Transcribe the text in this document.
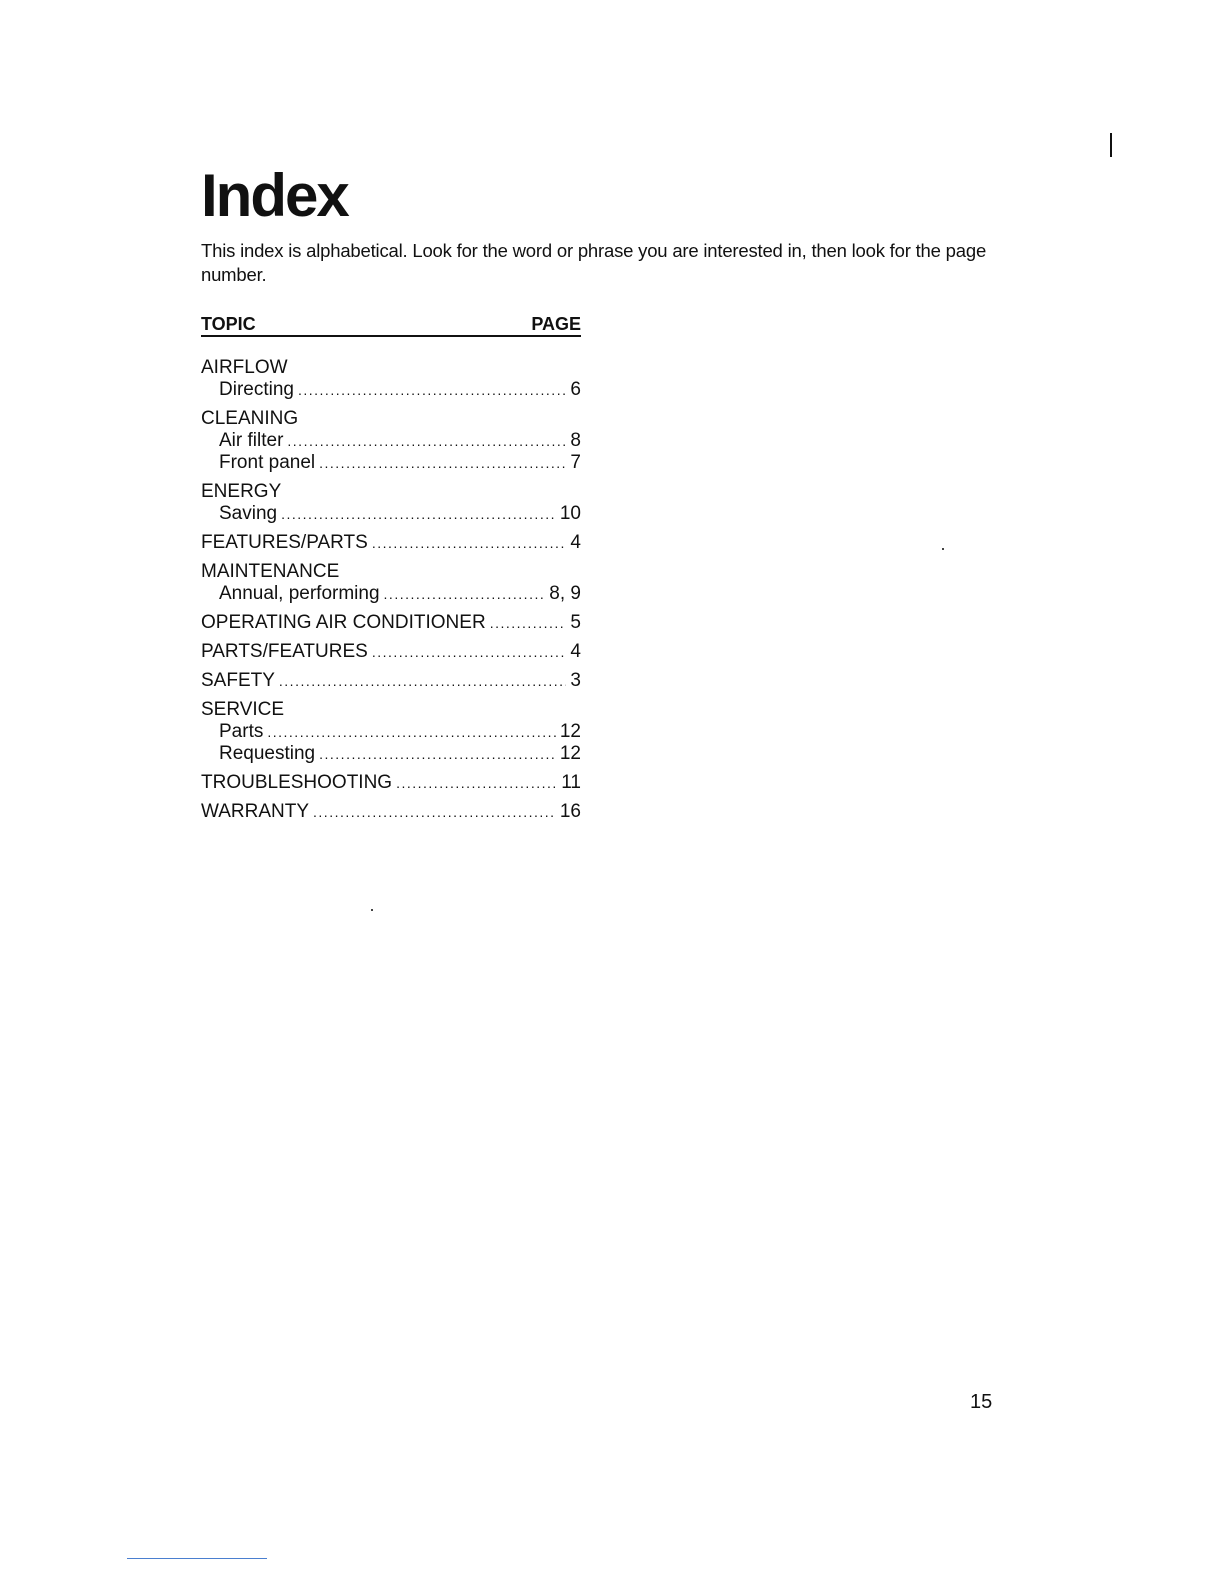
Index

This index is alphabetical. Look for the word or phrase you are interested in, then look for the page number.

TOPIC	PAGE
AIRFLOW
Directing .....	6
CLEANING
Air filter .....	8
Front panel .....	7
ENERGY
Saving .....	10
FEATURES/PARTS .....	4
MAINTENANCE
Annual, performing .....	8, 9
OPERATING AIR CONDITIONER .....	5
PARTS/FEATURES .....	4
SAFETY .....	3
SERVICE
Parts .....	12
Requesting .....	12
TROUBLESHOOTING .....	11
WARRANTY .....	16
15
